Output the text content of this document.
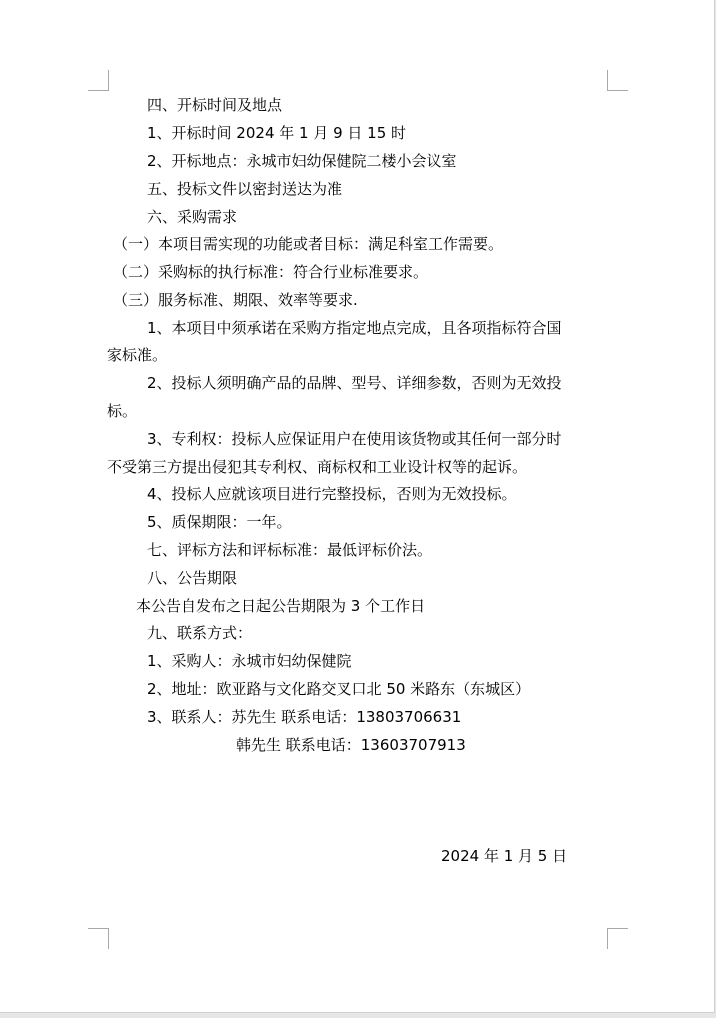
四、开标时间及地点
1、开标时间 2024 年 1 月 9 日 15 时
2、开标地点：永城市妇幼保健院二楼小会议室
五、投标文件以密封送达为准
六、采购需求
（一）本项目需实现的功能或者目标：满足科室工作需要。
（二）采购标的执行标准：符合行业标准要求。
（三）服务标准、期限、效率等要求.
1、本项目中须承诺在采购方指定地点完成，且各项指标符合国
家标准。
2、投标人须明确产品的品牌、型号、详细参数，否则为无效投
标。
3、专利权：投标人应保证用户在使用该货物或其任何一部分时
不受第三方提出侵犯其专利权、商标权和工业设计权等的起诉。
4、投标人应就该项目进行完整投标，否则为无效投标。
5、质保期限：一年。
七、评标方法和评标标准：最低评标价法。
八、公告期限
本公告自发布之日起公告期限为 3 个工作日
九、联系方式：
1、采购人：永城市妇幼保健院
2、地址：欧亚路与文化路交叉口北 50 米路东（东城区）
3、联系人：苏先生 联系电话：13803706631
韩先生 联系电话：13603707913
2024 年 1 月 5 日
